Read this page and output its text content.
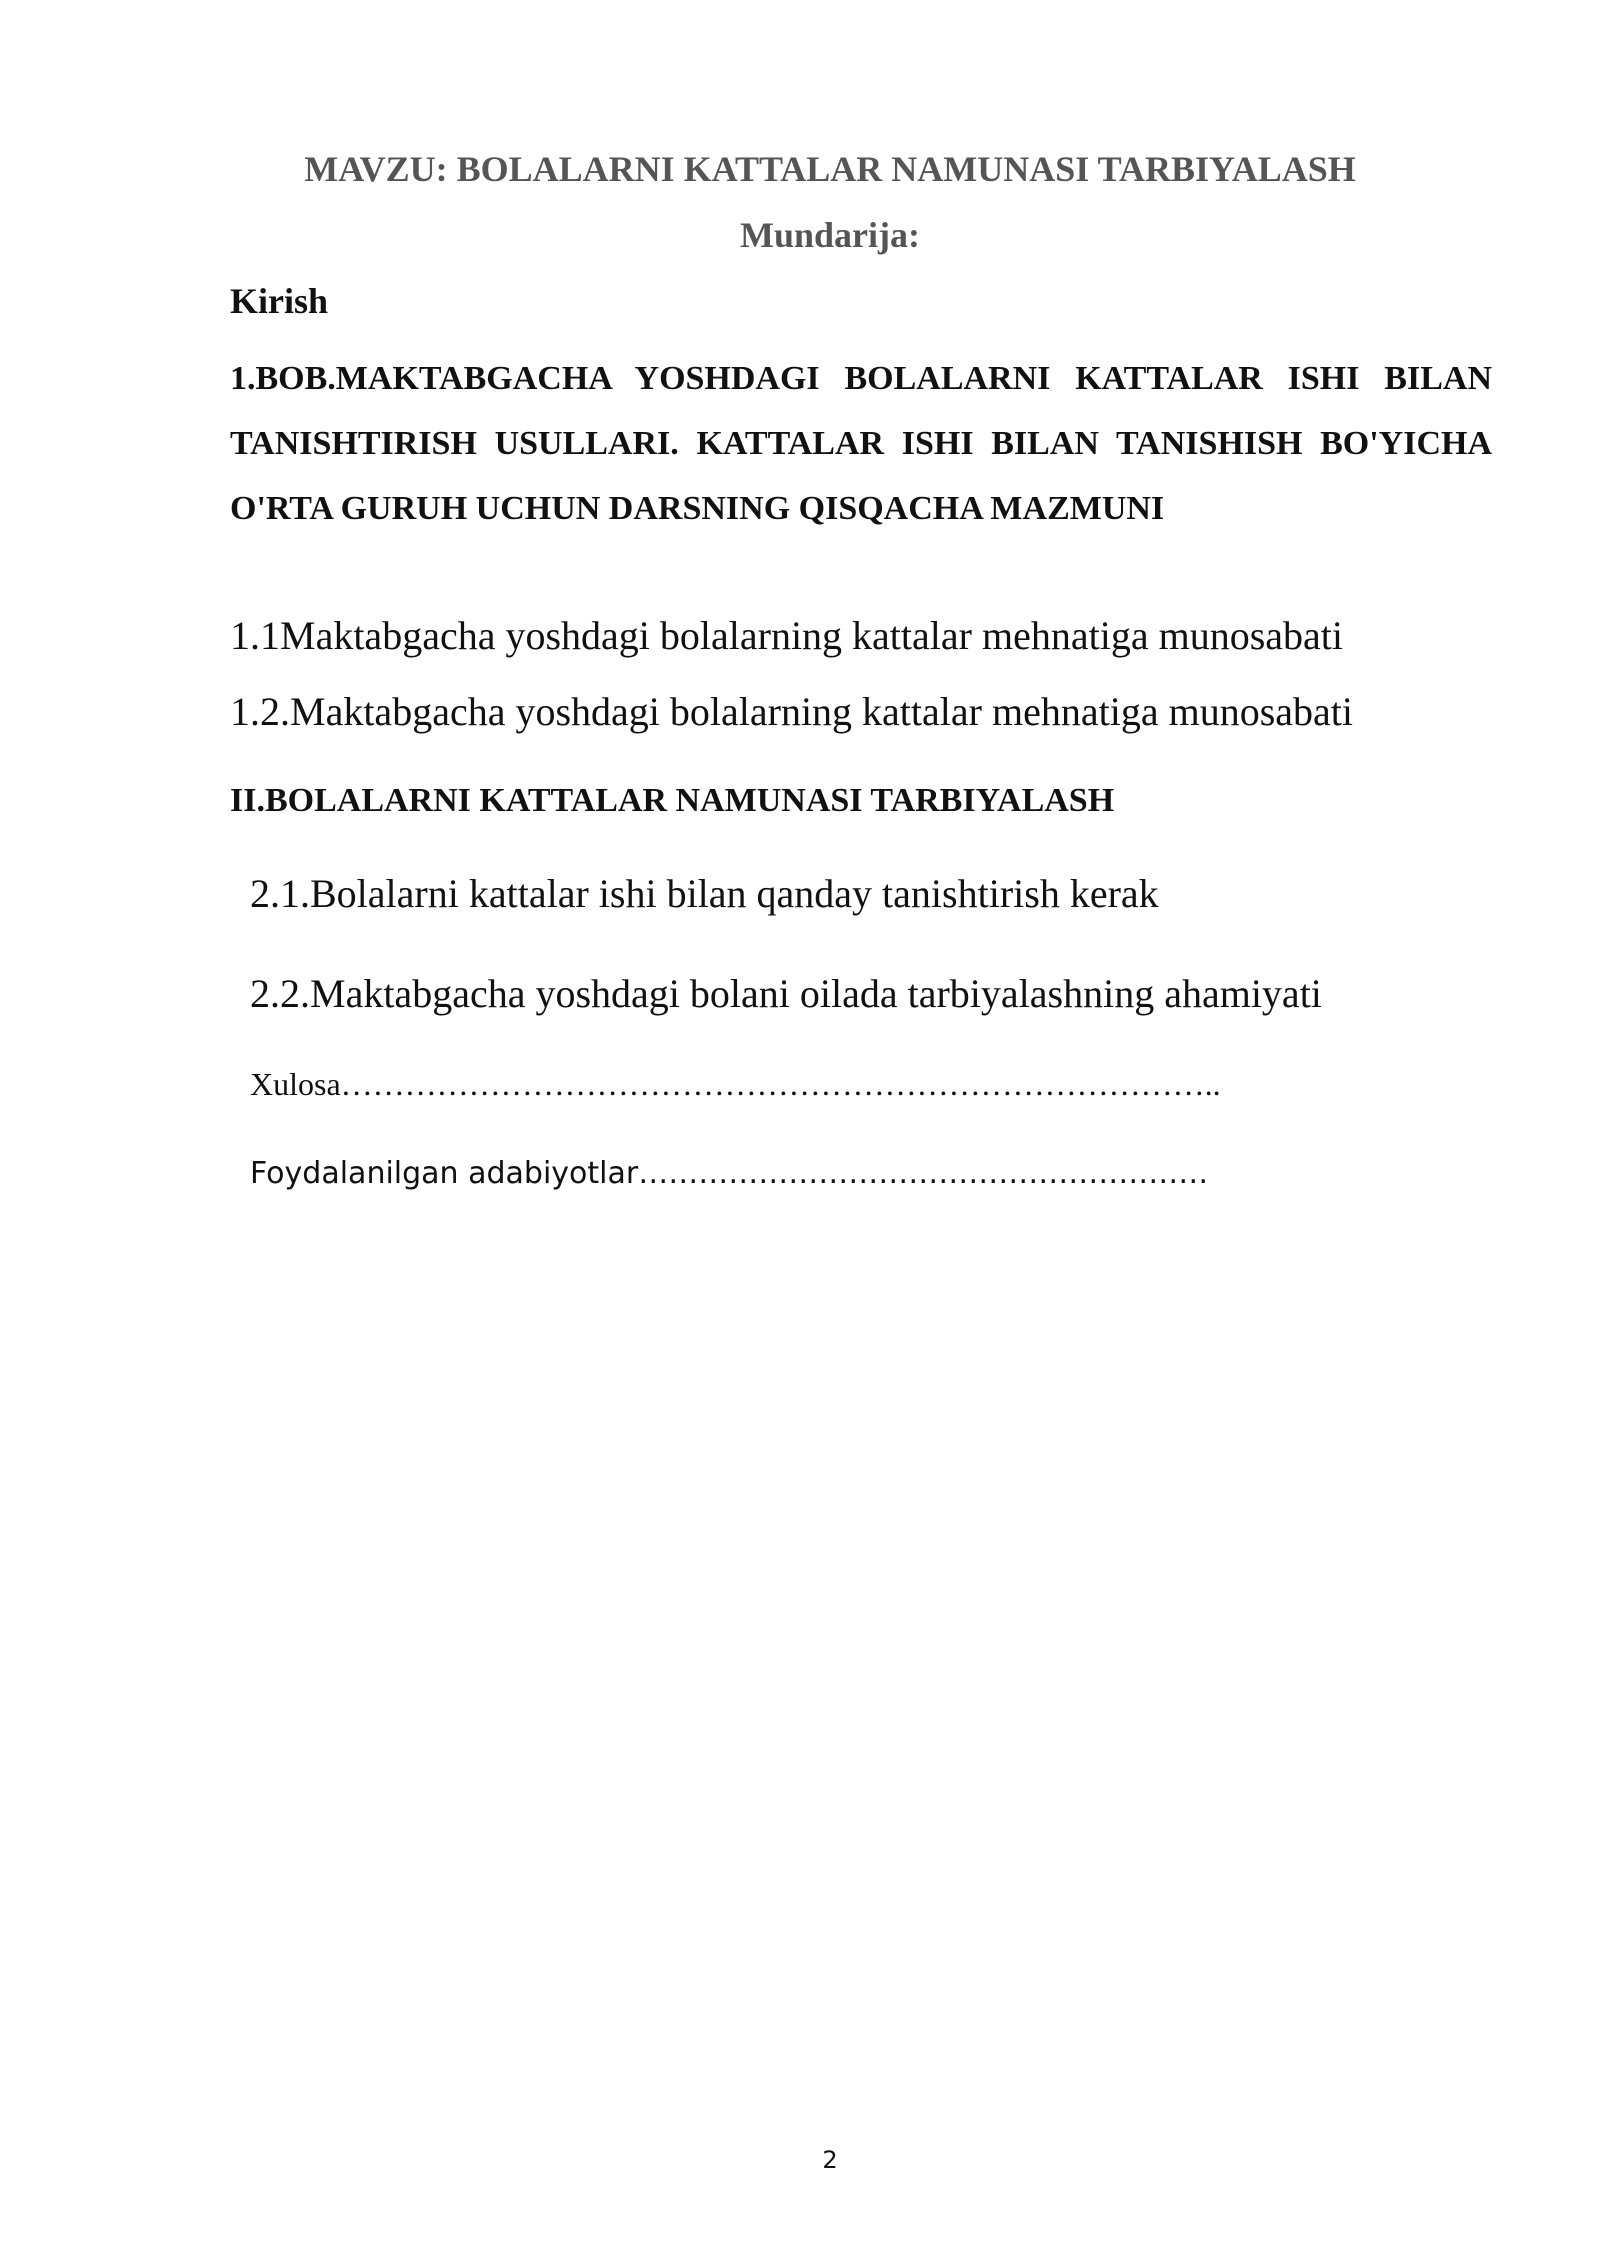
MAVZU: BOLALARNI KATTALAR NAMUNASI TARBIYALASH
Mundarija:
Kirish
1.BOB.MAKTABGACHA YOSHDAGI BOLALARNI KATTALAR ISHI BILAN TANISHTIRISH USULLARI. KATTALAR ISHI BILAN TANISHISH BO'YICHA O'RTA GURUH UCHUN DARSNING QISQACHA MAZMUNI
1.1Maktabgacha yoshdagi bolalarning kattalar mehnatiga munosabati
1.2.Maktabgacha yoshdagi bolalarning kattalar mehnatiga munosabati
II.BOLALARNI KATTALAR NAMUNASI TARBIYALASH
2.1.Bolalarni kattalar ishi bilan qanday tanishtirish kerak
2.2.Maktabgacha yoshdagi bolani oilada tarbiyalashning ahamiyati
Xulosa………………………………………………………………………..
Foydalanilgan adabiyotlar…………………………………………………
2
